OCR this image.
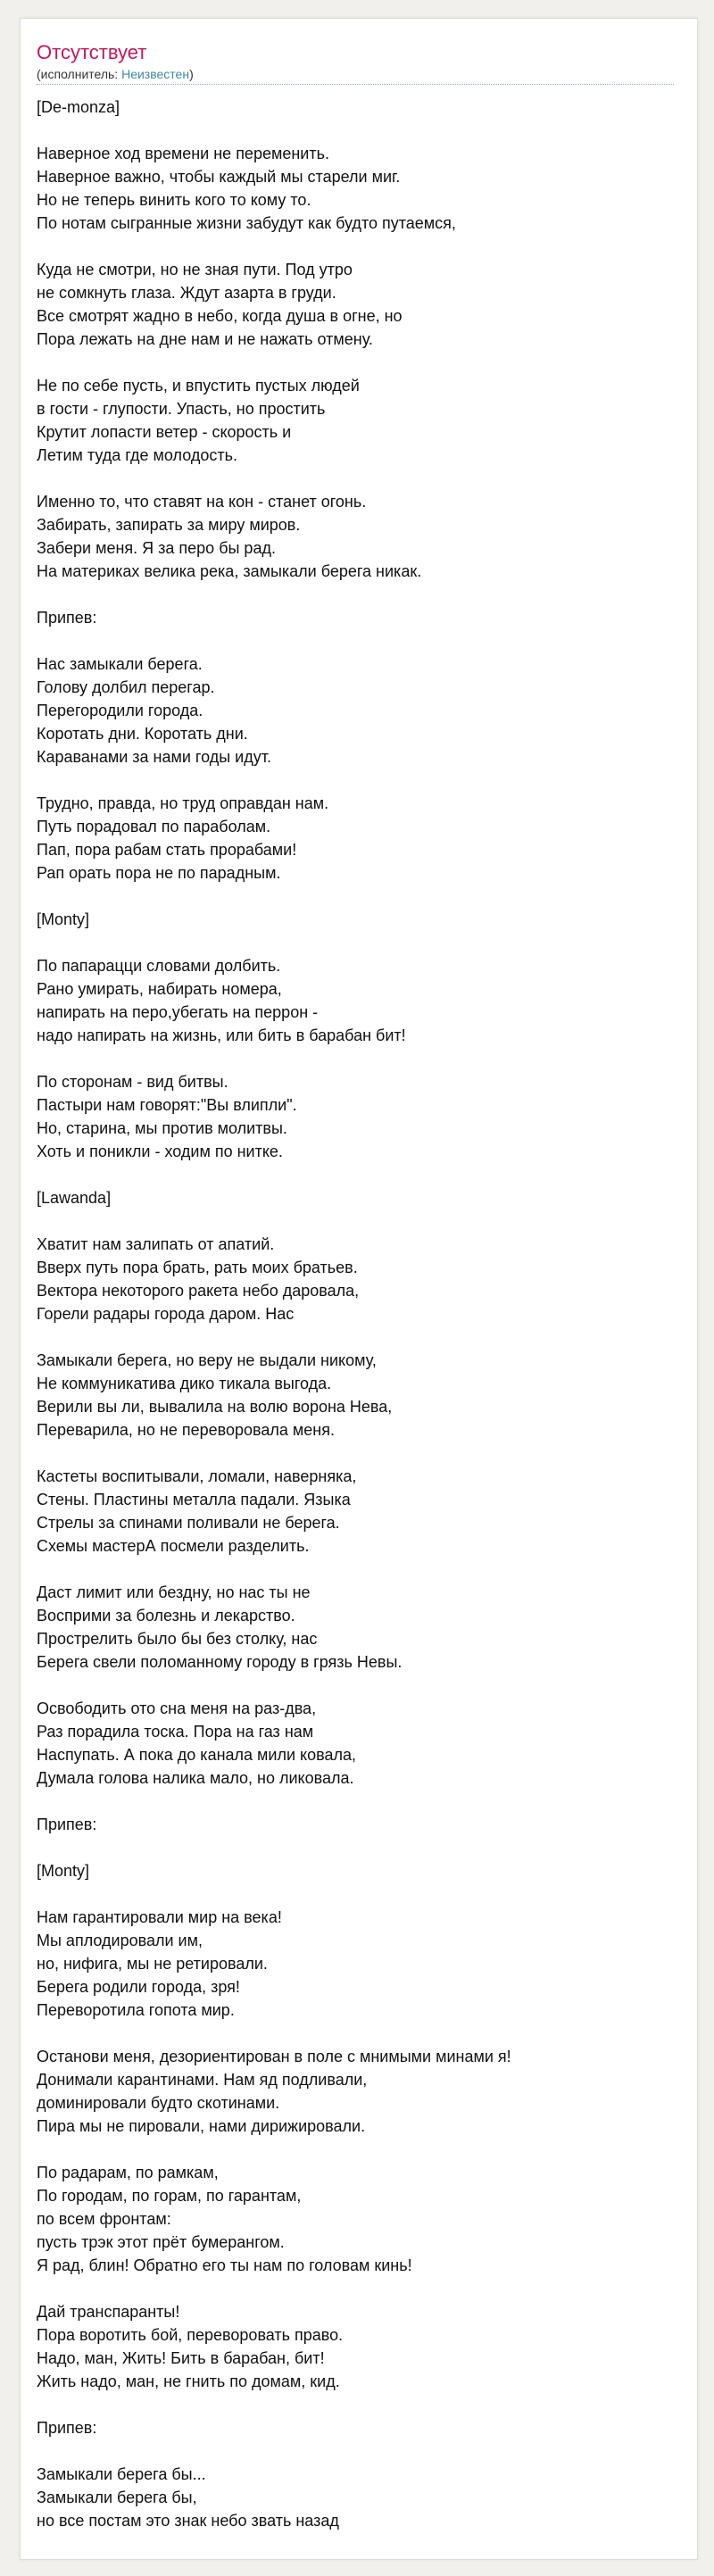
Отсутствует
(исполнитель: Неизвестен)
[De-monza]
Наверное ход времени не переменить.
Наверное важно, чтобы каждый мы старели миг.
Но не теперь винить кого то кому то.
По нотам сыгранные жизни забудут как будто путаемся,
Куда не смотри, но не зная пути. Под утро
не сомкнуть глаза. Ждут азарта в груди.
Все смотрят жадно в небо, когда душа в огне, но
Пора лежать на дне нам и не нажать отмену.
Не по себе пусть, и впустить пустых людей
в гости - глупости. Упасть, но простить
Крутит лопасти ветер - скорость и
Летим туда где молодость.
Именно то, что ставят на кон - станет огонь.
Забирать, запирать за миру миров.
Забери меня. Я за перо бы рад.
На материках велика река, замыкали берега никак.
Припев:
Нас замыкали берега.
Голову долбил перегар.
Перегородили города.
Коротать дни. Коротать дни.
Караванами за нами годы идут.
Трудно, правда, но труд оправдан нам.
Путь порадовал по параболам.
Пап, пора рабам стать прорабами!
Рап орать пора не по парадным.
[Monty]
По папарацци словами долбить.
Рано умирать, набирать номера,
напирать на перо,убегать на перрон -
надо напирать на жизнь, или бить в барабан бит!
По сторонам - вид битвы.
Пастыри нам говорят:"Вы влипли".
Но, старина, мы против молитвы.
Хоть и поникли - ходим по нитке.
[Lawanda]
Хватит нам залипать от апатий.
Вверх путь пора брать, рать моих братьев.
Вектора некоторого ракета небо даровала,
Горели радары города даром. Нас
Замыкали берега, но веру не выдали никому,
Не коммуникатива дико тикала выгода.
Верили вы ли, вывалила на волю ворона Нева,
Переварила, но не переворовала меня.
Кастеты воспитывали, ломали, наверняка,
Стены. Пластины металла падали. Языка
Стрелы за спинами поливали не берега.
Схемы мастерА посмели разделить.
Даст лимит или бездну, но нас ты не
Восприми за болезнь и лекарство.
Прострелить было бы без столку, нас
Берега свели поломанному городу в грязь Невы.
Освободить ото сна меня на раз-два,
Раз порадила тоска. Пора на газ нам
Наспупать. А пока до канала мили ковала,
Думала голова налика мало, но ликовала.
Припев:
[Monty]
Нам гарантировали мир на века!
Мы аплодировали им,
но, нифига, мы не ретировали.
Берега родили города, зря!
Переворотила гопота мир.
Останови меня, дезориентирован в поле с мнимыми минами я!
Донимали карантинами. Нам яд подливали,
доминировали будто скотинами.
Пира мы не пировали, нами дирижировали.
По радарам, по рамкам,
По городам, по горам, по гарантам,
по всем фронтам:
пусть трэк этот прёт бумерангом.
Я рад, блин! Обратно его ты нам по головам кинь!
Дай транспаранты!
Пора воротить бой, переворовать право.
Надо, ман, Жить! Бить в барабан, бит!
Жить надо, ман, не гнить по домам, кид.
Припев:
Замыкали берега бы...
Замыкали берега бы,
но все постам это знак небо звать назад
